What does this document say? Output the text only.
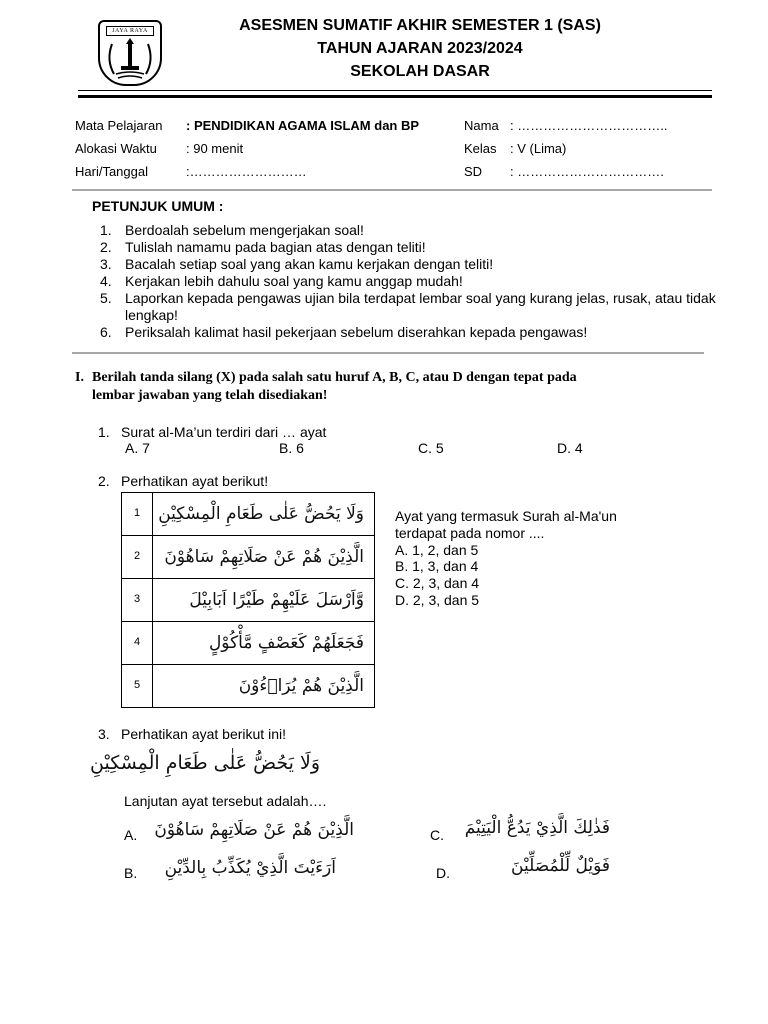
JAYA RAYA	ASESMEN SUMATIF AKHIR SEMESTER 1 (SAS)
TAHUN AJARAN 2023/2024
SEKOLAH DASAR
Mata Pelajaran : PENDIDIKAN AGAMA ISLAM dan BP
Alokasi Waktu : 90 menit
Hari/Tanggal	:………………………
Nama : ……………………………..
Kelas : V (Lima)
SD : …………………………….
PETUNJUK UMUM :
1. Berdoalah sebelum mengerjakan soal!
2. Tulislah namamu pada bagian atas dengan teliti!
3. Bacalah setiap soal yang akan kamu kerjakan dengan teliti!
4. Kerjakan lebih dahulu soal yang kamu anggap mudah!
5. Laporkan kepada pengawas ujian bila terdapat lembar soal yang kurang jelas, rusak, atau tidak lengkap!
6. Periksalah kalimat hasil pekerjaan sebelum diserahkan kepada pengawas!
I. Berilah tanda silang (X) pada salah satu huruf A, B, C, atau D dengan tepat pada
lembar jawaban yang telah disediakan!
1. Surat al-Ma’un terdiri dari … ayat
A. 7	B. 6	C. 5	D. 4
2. Perhatikan ayat berikut!
1	وَلَا يَحُضُّ عَلٰى طَعَامِ الْمِسْكِيْنِ
2	الَّذِيْنَ هُمْ عَنْ صَلَاتِهِمْ سَاهُوْنَ
3	وَّاَرْسَلَ عَلَيْهِمْ طَيْرًا اَبَابِيْلَ
4	فَجَعَلَهُمْ كَعَصْفٍ مَّأْكُوْلٍ
5	الَّذِيْنَ هُمْ يُرَاۤءُوْنَ
Ayat yang termasuk Surah al-Ma'un
terdapat pada nomor ....
A. 1, 2, dan 5
B. 1, 3, dan 4
C. 2, 3, dan 4
D. 2, 3, dan 5
3. Perhatikan ayat berikut ini!
وَلَا يَحُضُّ عَلٰى طَعَامِ الْمِسْكِيْنِ
Lanjutan ayat tersebut adalah….
A. الَّذِيْنَ هُمْ عَنْ صَلَاتِهِمْ سَاهُوْنَ
B. اَرَءَيْتَ الَّذِيْ يُكَذِّبُ بِالدِّيْنِ
C.	فَذٰلِكَ الَّذِيْ يَدُعُّ الْيَتِيْمَ
D.	فَوَيْلٌ لِّلْمُصَلِّيْنَ
